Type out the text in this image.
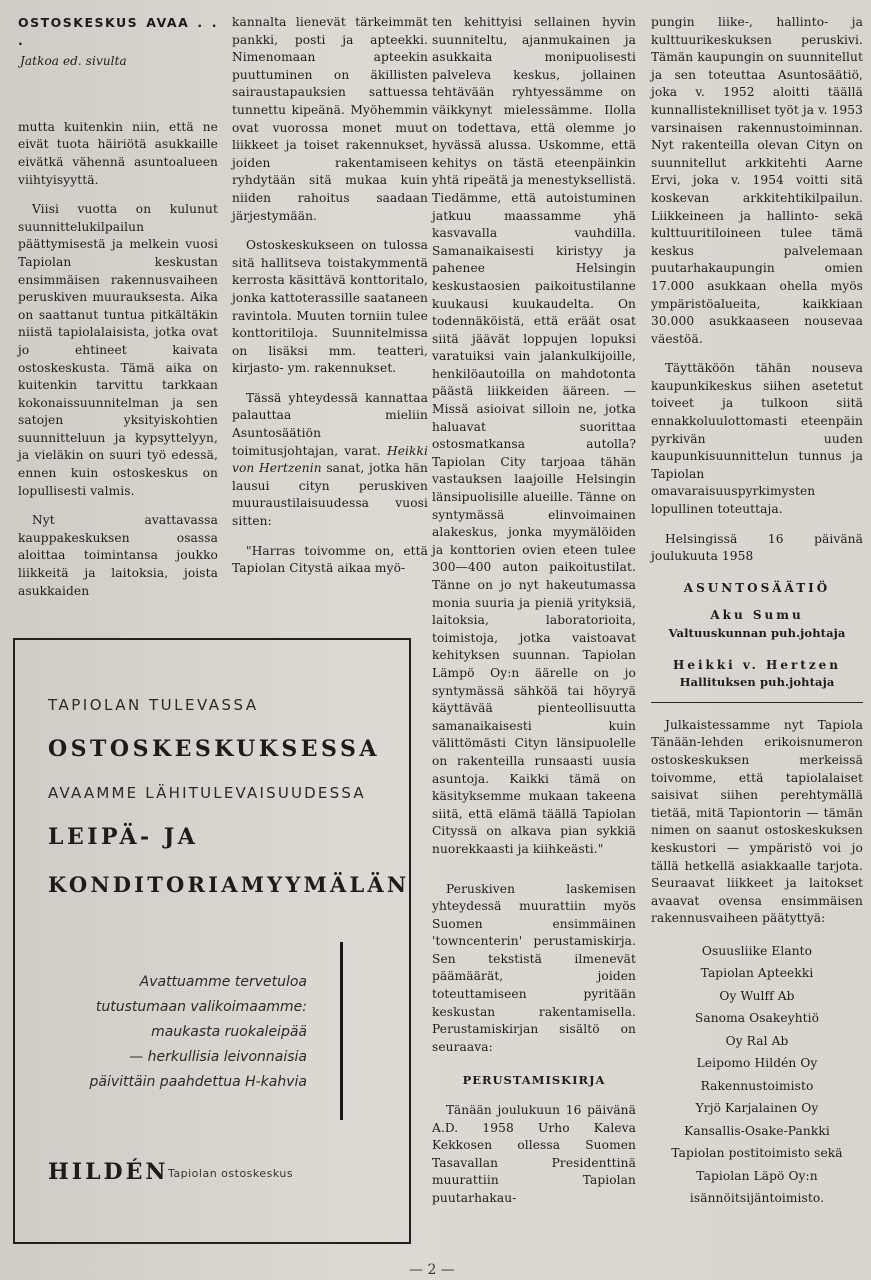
OSTOSKESKUS AVAA . . .
Jatkoa ed. sivulta

mutta kuitenkin niin, että ne eivät tuota häiriötä asukkaille eivätkä vähennä asuntoalueen viihtyisyyttä.

Viisi vuotta on kulunut suunnittelukilpailun päättymisestä ja melkein vuosi Tapiolan keskustan ensimmäisen rakennusvaiheen peruskiven muurauksesta. Aika on saattanut tuntua pitkältäkin niistä tapiolalaisista, jotka ovat jo ehtineet kaivata ostoskeskusta. Tämä aika on kuitenkin tarvittu tarkkaan kokonaissuunnitelman ja sen satojen yksityiskohtien suunnitteluun ja kypsyttelyyn, ja vieläkin on suuri työ edessä, ennen kuin ostoskeskus on lopullisesti valmis.

Nyt avattavassa kauppakeskuksen osassa aloittaa toimintansa joukko liikkeitä ja laitoksia, joista asukkaiden

kannalta lienevät tärkeimmät pankki, posti ja apteekki. Nimenomaan apteekin puuttuminen on äkillisten sairaustapauksien sattuessa tunnettu kipeänä. Myöhemmin ovat vuorossa monet muut liikkeet ja toiset rakennukset, joiden rakentamiseen ryhdytään sitä mukaa kuin niiden rahoitus saadaan järjestymään.

Ostoskeskukseen on tulossa sitä hallitseva toistakymmentä kerrosta käsittävä konttoritalo, jonka kattoterassille saataneen ravintola. Muuten torniin tulee konttoritiloja. Suunnitelmissa on lisäksi mm. teatteri, kirjasto- ym. rakennukset.

Tässä yhteydessä kannattaa palauttaa mieliin Asuntosäätiön toimitusjohtajan, varat. Heikki von Hertzenin sanat, jotka hän lausui cityn peruskiven muuraustilaisuudessa vuosi sitten:

"Harras toivomme on, että Tapiolan Citystä aikaa myö-

ten kehittyisi sellainen hyvin suunniteltu, ajanmukainen ja asukkaita monipuolisesti palveleva keskus, jollainen tehtävään ryhtyessämme on väikkynyt mielessämme. Ilolla on todettava, että olemme jo hyvässä alussa. Uskomme, että kehitys on tästä eteenpäinkin yhtä ripeätä ja menestyksellistä. Tiedämme, että autoistuminen jatkuu maassamme yhä kasvavalla vauhdilla. Samanaikaisesti kiristyy ja pahenee Helsingin keskustaosien paikoitustilanne kuukausi kuukaudelta. On todennäköistä, että eräät osat siitä jäävät loppujen lopuksi varatuiksi vain jalankulkijoille, henkilöautoilla on mahdotonta päästä liikkeiden ääreen. — Missä asioivat silloin ne, jotka haluavat suorittaa ostosmatkansa autolla? Tapiolan City tarjoaa tähän vastauksen laajoille Helsingin länsipuolisille alueille. Tänne on syntymässä elinvoimainen alakeskus, jonka myymälöiden ja konttorien ovien eteen tulee 300—400 auton paikoitustilat. Tänne on jo nyt hakeutumassa monia suuria ja pieniä yrityksiä, laitoksia, laboratorioita, toimistoja, jotka vaistoavat kehityksen suunnan. Tapiolan Lämpö Oy:n äärelle on jo syntymässä sähköä tai höyryä käyttävää pienteollisuutta samanaikaisesti kuin välittömästi Cityn länsipuolelle on rakenteilla runsaasti uusia asuntoja. Kaikki tämä on käsityksemme mukaan takeena siitä, että elämä täällä Tapiolan Cityssä on alkava pian sykkiä nuorekkaasti ja kiihkeästi."

Peruskiven laskemisen yhteydessä muurattiin myös Suomen ensimmäinen 'towncenterin' perustamiskirja. Sen tekstistä ilmenevät päämäärät, joiden toteuttamiseen pyritään keskustan rakentamisella. Perustamiskirjan sisältö on seuraava:

PERUSTAMISKIRJA

Tänään joulukuun 16 päivänä A.D. 1958 Urho Kaleva Kekkosen ollessa Suomen Tasavallan Presidenttinä muurattiin Tapiolan puutarhakau-

pungin liike-, hallinto- ja kulttuurikeskuksen peruskivi. Tämän kaupungin on suunnitellut ja sen toteuttaa Asuntosäätiö, joka v. 1952 aloitti täällä kunnallisteknilliset työt ja v. 1953 varsinaisen rakennustoiminnan. Nyt rakenteilla olevan Cityn on suunnitellut arkkitehti Aarne Ervi, joka v. 1954 voitti sitä koskevan arkkitehtikilpailun. Liikkeineen ja hallinto- sekä kulttuuritiloineen tulee tämä keskus palvelemaan puutarhakaupungin omien 17.000 asukkaan ohella myös ympäristöalueita, kaikkiaan 30.000 asukkaaseen nousevaa väestöä.

Täyttäköön tähän nouseva kaupunkikeskus siihen asetetut toiveet ja tulkoon siitä ennakkoluulottomasti eteenpäin pyrkivän uuden kaupunkisuunnittelun tunnus ja Tapiolan omavaraisuuspyrkimysten lopullinen toteuttaja.

Helsingissä 16 päivänä joulukuuta 1958

ASUNTOSÄÄTIÖ
Aku Sumu
Valtuuskunnan puh.johtaja
Heikki v. Hertzen
Hallituksen puh.johtaja

Julkaistessamme nyt Tapiola Tänään-lehden erikoisnumeron ostoskeskuksen merkeissä toivomme, että tapiolalaiset saisivat siihen perehtymällä tietää, mitä Tapiontorin — tämän nimen on saanut ostoskeskuksen keskustori — ympäristö voi jo tällä hetkellä asiakkaalle tarjota. Seuraavat liikkeet ja laitokset avaavat ovensa ensimmäisen rakennusvaiheen päätyttyä:

Osuusliike Elanto
Tapiolan Apteekki
Oy Wulff Ab
Sanoma Osakeyhtiö
Oy Ral Ab
Leipomo Hildén Oy
Rakennustoimisto
Yrjö Karjalainen Oy
Kansallis-Osake-Pankki
Tapiolan postitoimisto sekä
Tapiolan Läpö Oy:n
isännöitsijäntoimisto.
TAPIOLAN TULEVASSA
OSTOSKESKUKSESSA
AVAAMME LÄHITULEVAISUUDESSA
LEIPÄ- JA
KONDITORIAMYYMÄLÄN
Avattuamme tervetuloa
tutustumaan valikoimaamme:
maukasta ruokaleipää
— herkullisia leivonnaisia
päivittäin paahdettua H-kahvia
HILDÉN Tapiolan ostoskeskus
— 2 —
